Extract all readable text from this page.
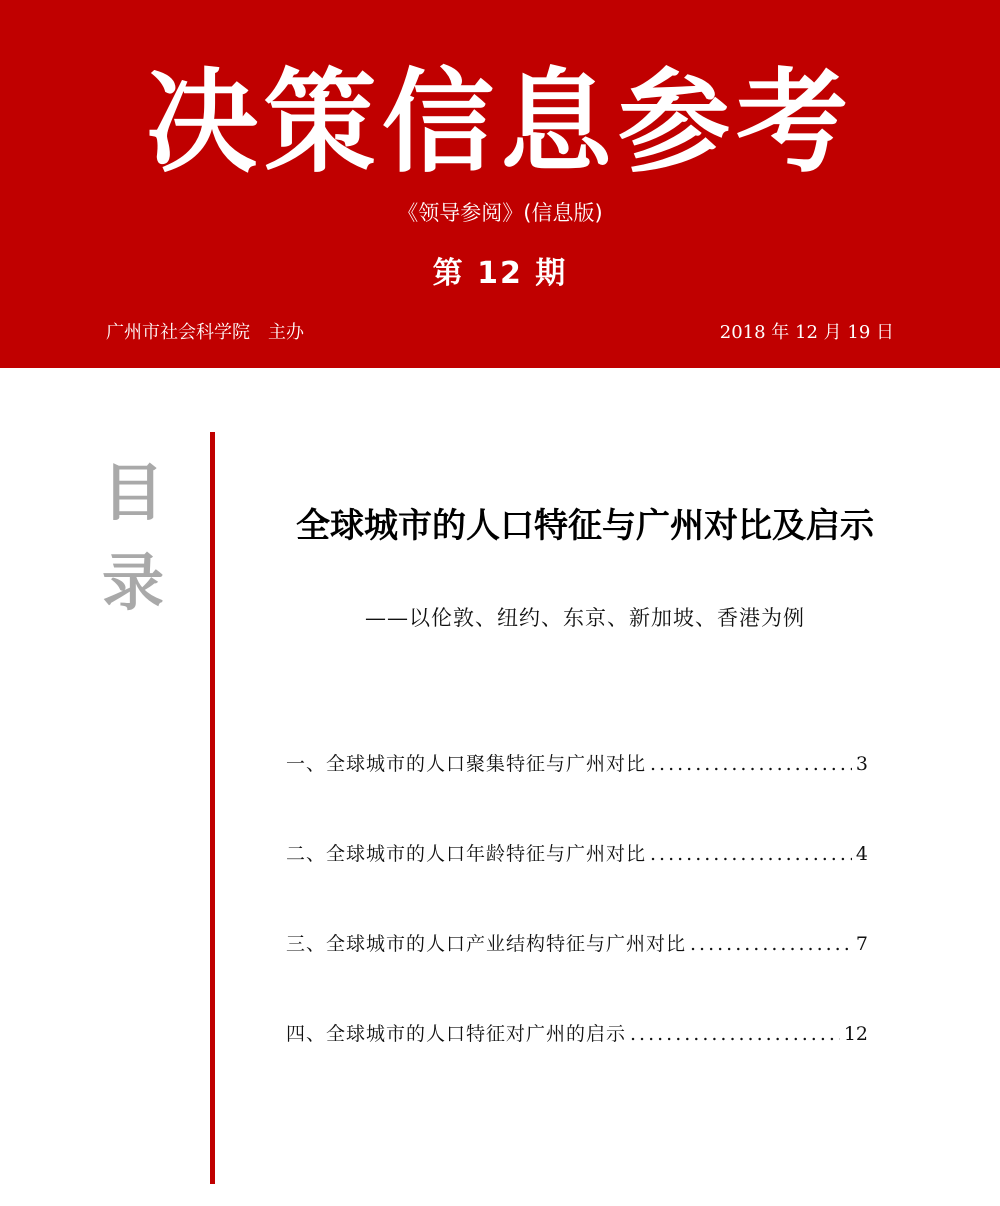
决策信息参考
《领导参阅》(信息版)
第 12 期
广州市社会科学院　主办	2018 年 12 月 19 日
目
录
全球城市的人口特征与广州对比及启示
——以伦敦、纽约、东京、新加坡、香港为例
一、全球城市的人口聚集特征与广州对比 .....	3
二、全球城市的人口年龄特征与广州对比 .....	4
三、全球城市的人口产业结构特征与广州对比 .....	7
四、全球城市的人口特征对广州的启示 .....	12
